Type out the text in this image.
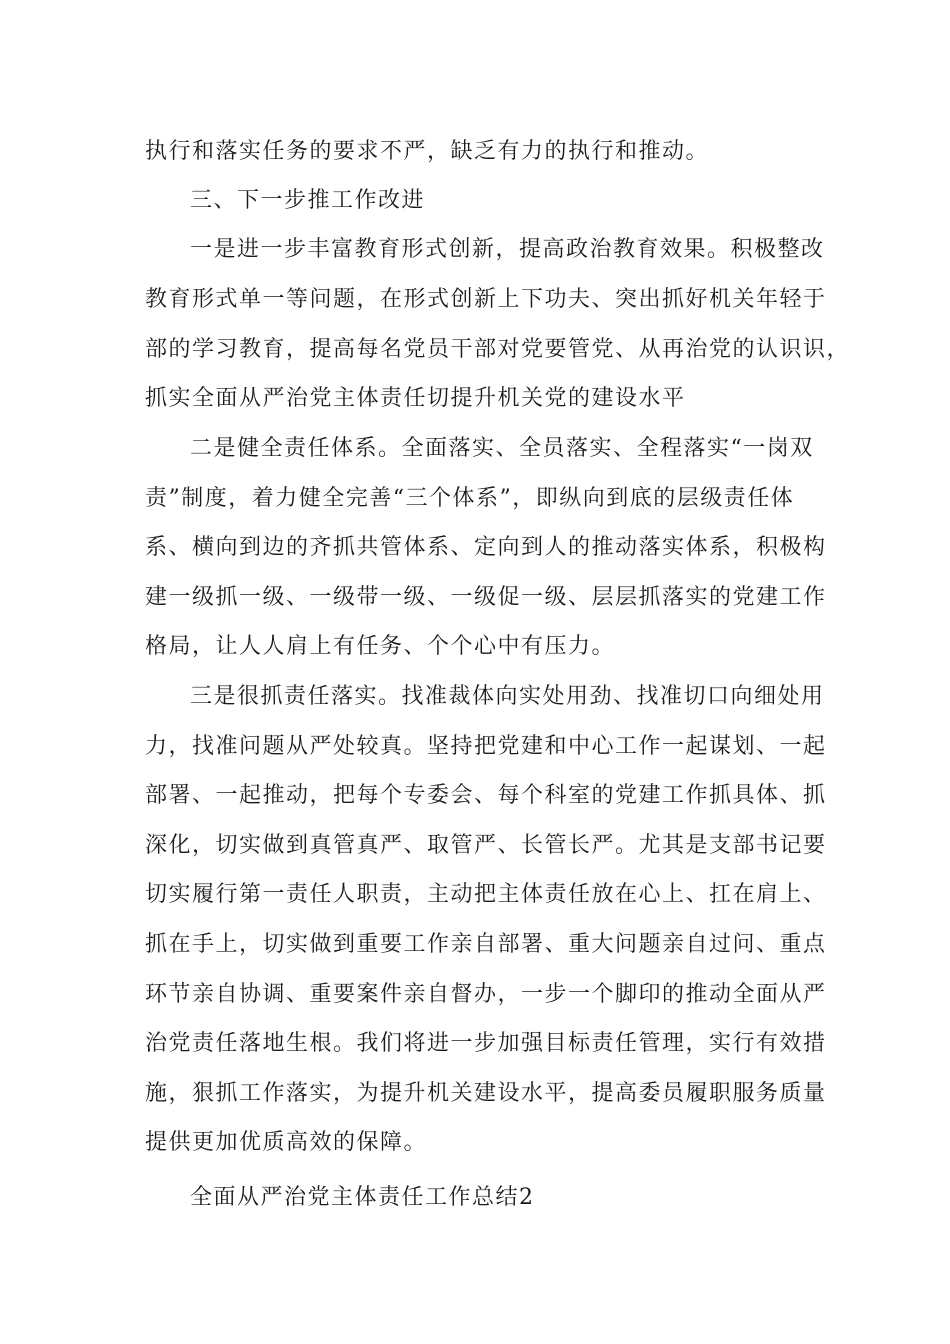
执行和落实任务的要求不严，缺乏有力的执行和推动。
三、下一步推工作改进
一是进一步丰富教育形式创新，提高政治教育效果。积极整改
教育形式单一等问题，在形式创新上下功夫、突出抓好机关年轻于
部的学习教育，提高每名党员干部对党要管党、从再治党的认识识，
抓实全面从严治党主体责任切提升机关党的建设水平
二是健全责任体系。全面落实、全员落实、全程落实“一岗双
责”制度，着力健全完善“三个体系”，即纵向到底的层级责任体
系、横向到边的齐抓共管体系、定向到人的推动落实体系，积极构
建一级抓一级、一级带一级、一级促一级、层层抓落实的党建工作
格局，让人人肩上有任务、个个心中有压力。
三是很抓责任落实。找准裁体向实处用劲、找准切口向细处用
力，找准问题从严处较真。坚持把党建和中心工作一起谋划、一起
部署、一起推动，把每个专委会、每个科室的党建工作抓具体、抓
深化，切实做到真管真严、取管严、长管长严。尤其是支部书记要
切实履行第一责任人职责，主动把主体责任放在心上、扛在肩上、
抓在手上，切实做到重要工作亲自部署、重大问题亲自过问、重点
环节亲自协调、重要案件亲自督办，一步一个脚印的推动全面从严
治党责任落地生根。我们将进一步加强目标责任管理，实行有效措
施，狠抓工作落实，为提升机关建设水平，提高委员履职服务质量
提供更加优质高效的保障。
全面从严治党主体责任工作总结2
